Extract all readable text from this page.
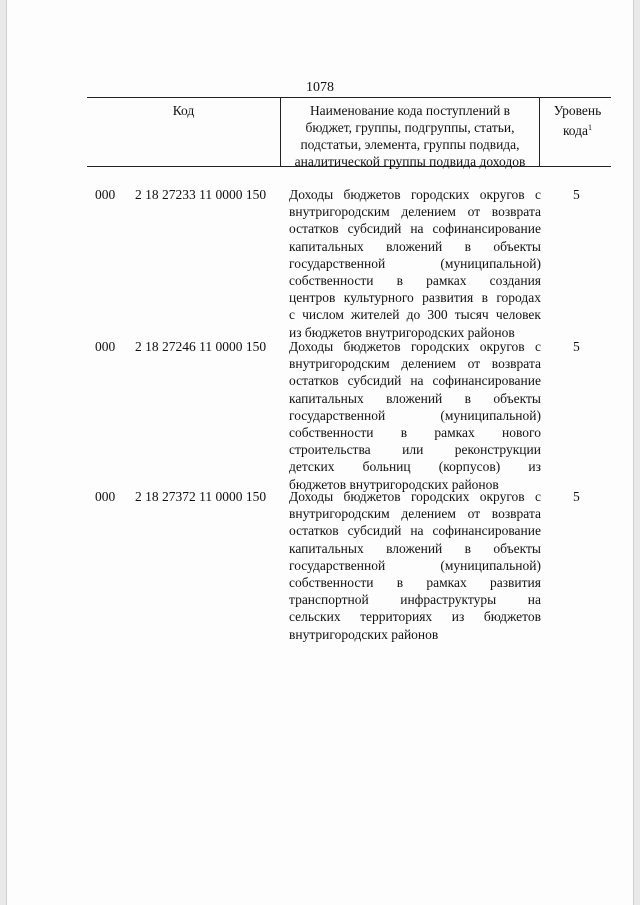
1078
Код	Наименование кода поступлений в бюджет, группы, подгруппы, статьи, подстатьи, элемента, группы подвида, аналитической группы подвида доходов
Уровень кода$^1$
000 2 18 27233 11 0000 150 Доходы бюджетов городских округов с
внутригородским делением от возврата
остатков субсидий на софинансирование
капитальных вложений в объекты
государственной (муниципальной)
собственности в рамках создания
центров культурного развития в городах
с числом жителей до 300 тысяч человек
из бюджетов внутригородских районов
5
000 2 18 27246 11 0000 150 Доходы бюджетов городских округов с
внутригородским делением от возврата
остатков субсидий на софинансирование
капитальных вложений в объекты
государственной (муниципальной)
собственности в рамках нового
строительства или реконструкции
детских больниц (корпусов) из
бюджетов внутригородских районов
5
000 2 18 27372 11 0000 150 Доходы бюджетов городских округов с
внутригородским делением от возврата
остатков субсидий на софинансирование
капитальных вложений в объекты
государственной (муниципальной)
собственности в рамках развития
транспортной инфраструктуры на
сельских территориях из бюджетов
внутригородских районов
5
